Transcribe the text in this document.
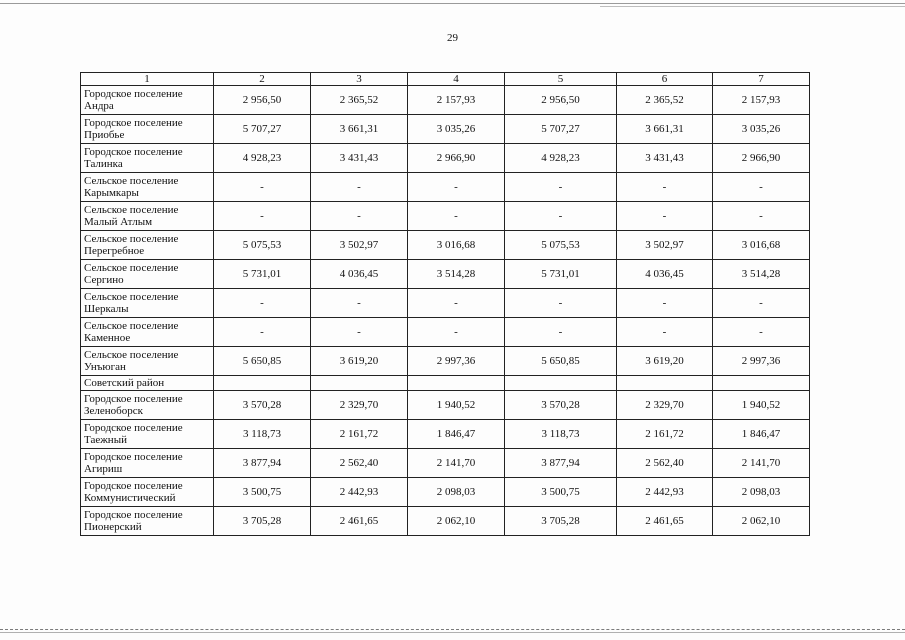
29
1	2	3	4	5	6	7
Городское поселение Андра	2 956,50	2 365,52	2 157,93	2 956,50	2 365,52	2 157,93
Городское поселение Приобье	5 707,27	3 661,31	3 035,26	5 707,27	3 661,31	3 035,26
Городское поселение Талинка	4 928,23	3 431,43	2 966,90	4 928,23	3 431,43	2 966,90
Сельское поселение Карымкары	-	-	-	-	-	-
Сельское поселение Малый Атлым	-	-	-	-	-	-
Сельское поселение Перегребное	5 075,53	3 502,97	3 016,68	5 075,53	3 502,97	3 016,68
Сельское поселение Сергино	5 731,01	4 036,45	3 514,28	5 731,01	4 036,45	3 514,28
Сельское поселение Шеркалы	-	-	-	-	-	-
Сельское поселение Каменное	-	-	-	-	-	-
Сельское поселение Унъюган	5 650,85	3 619,20	2 997,36	5 650,85	3 619,20	2 997,36
Советский район						
Городское поселение Зеленоборск	3 570,28	2 329,70	1 940,52	3 570,28	2 329,70	1 940,52
Городское поселение Таежный	3 118,73	2 161,72	1 846,47	3 118,73	2 161,72	1 846,47
Городское поселение Агириш	3 877,94	2 562,40	2 141,70	3 877,94	2 562,40	2 141,70
Городское поселение Коммунистический	3 500,75	2 442,93	2 098,03	3 500,75	2 442,93	2 098,03
Городское поселение Пионерский	3 705,28	2 461,65	2 062,10	3 705,28	2 461,65	2 062,10
